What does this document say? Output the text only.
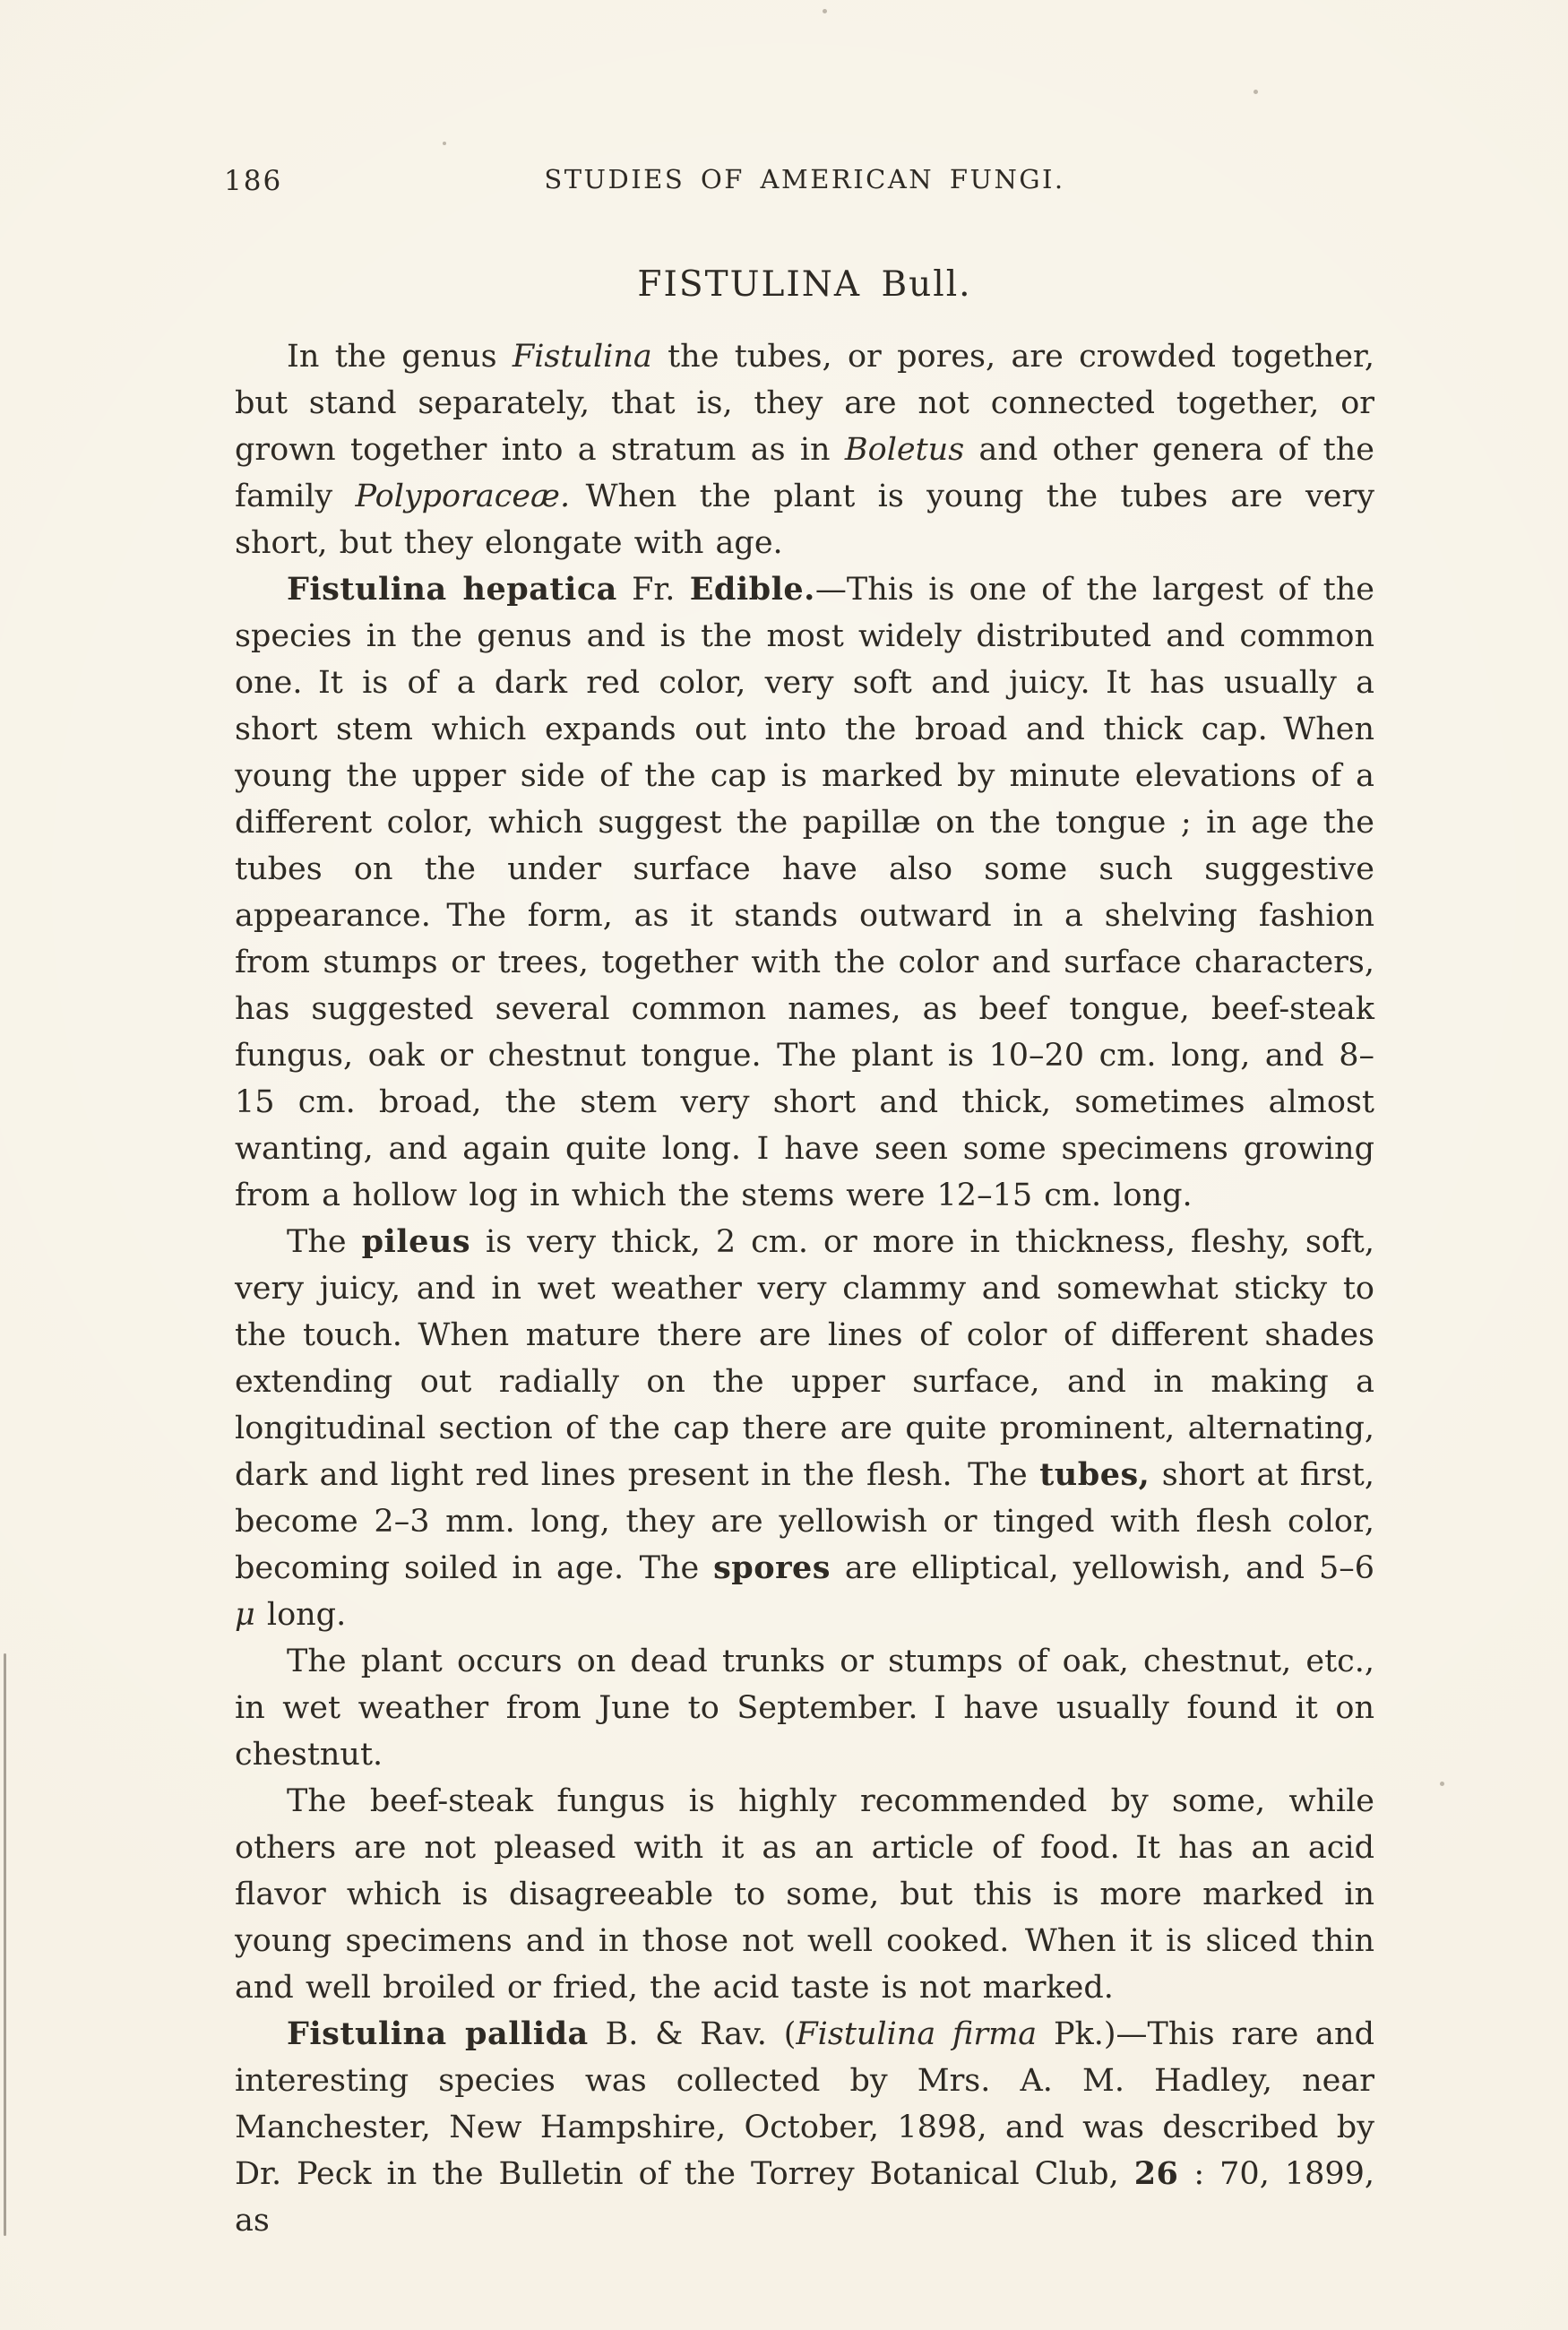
186	STUDIES OF AMERICAN FUNGI.
FISTULINA Bull.

In the genus Fistulina the tubes, or pores, are crowded together, but stand separately, that is, they are not connected together, or grown together into a stratum as in Boletus and other genera of the family Polyporaceæ. When the plant is young the tubes are very short, but they elongate with age.

Fistulina hepatica Fr. Edible.—This is one of the largest of the species in the genus and is the most widely distributed and common one. It is of a dark red color, very soft and juicy. It has usually a short stem which expands out into the broad and thick cap. When young the upper side of the cap is marked by minute elevations of a different color, which suggest the papillæ on the tongue ; in age the tubes on the under surface have also some such suggestive appearance. The form, as it stands outward in a shelving fashion from stumps or trees, together with the color and surface characters, has suggested several common names, as beef tongue, beef-steak fungus, oak or chestnut tongue. The plant is 10–20 cm. long, and 8–15 cm. broad, the stem very short and thick, sometimes almost wanting, and again quite long. I have seen some specimens growing from a hollow log in which the stems were 12–15 cm. long.

The pileus is very thick, 2 cm. or more in thickness, fleshy, soft, very juicy, and in wet weather very clammy and somewhat sticky to the touch. When mature there are lines of color of different shades extending out radially on the upper surface, and in making a longitudinal section of the cap there are quite prominent, alternating, dark and light red lines present in the flesh. The tubes, short at first, become 2–3 mm. long, they are yellowish or tinged with flesh color, becoming soiled in age. The spores are elliptical, yellowish, and 5–6 μ long.

The plant occurs on dead trunks or stumps of oak, chestnut, etc., in wet weather from June to September. I have usually found it on chestnut.

The beef-steak fungus is highly recommended by some, while others are not pleased with it as an article of food. It has an acid flavor which is disagreeable to some, but this is more marked in young specimens and in those not well cooked. When it is sliced thin and well broiled or fried, the acid taste is not marked.

Fistulina pallida B. & Rav. (Fistulina firma Pk.)—This rare and interesting species was collected by Mrs. A. M. Hadley, near Manchester, New Hampshire, October, 1898, and was described by Dr. Peck in the Bulletin of the Torrey Botanical Club, 26 : 70, 1899, as
